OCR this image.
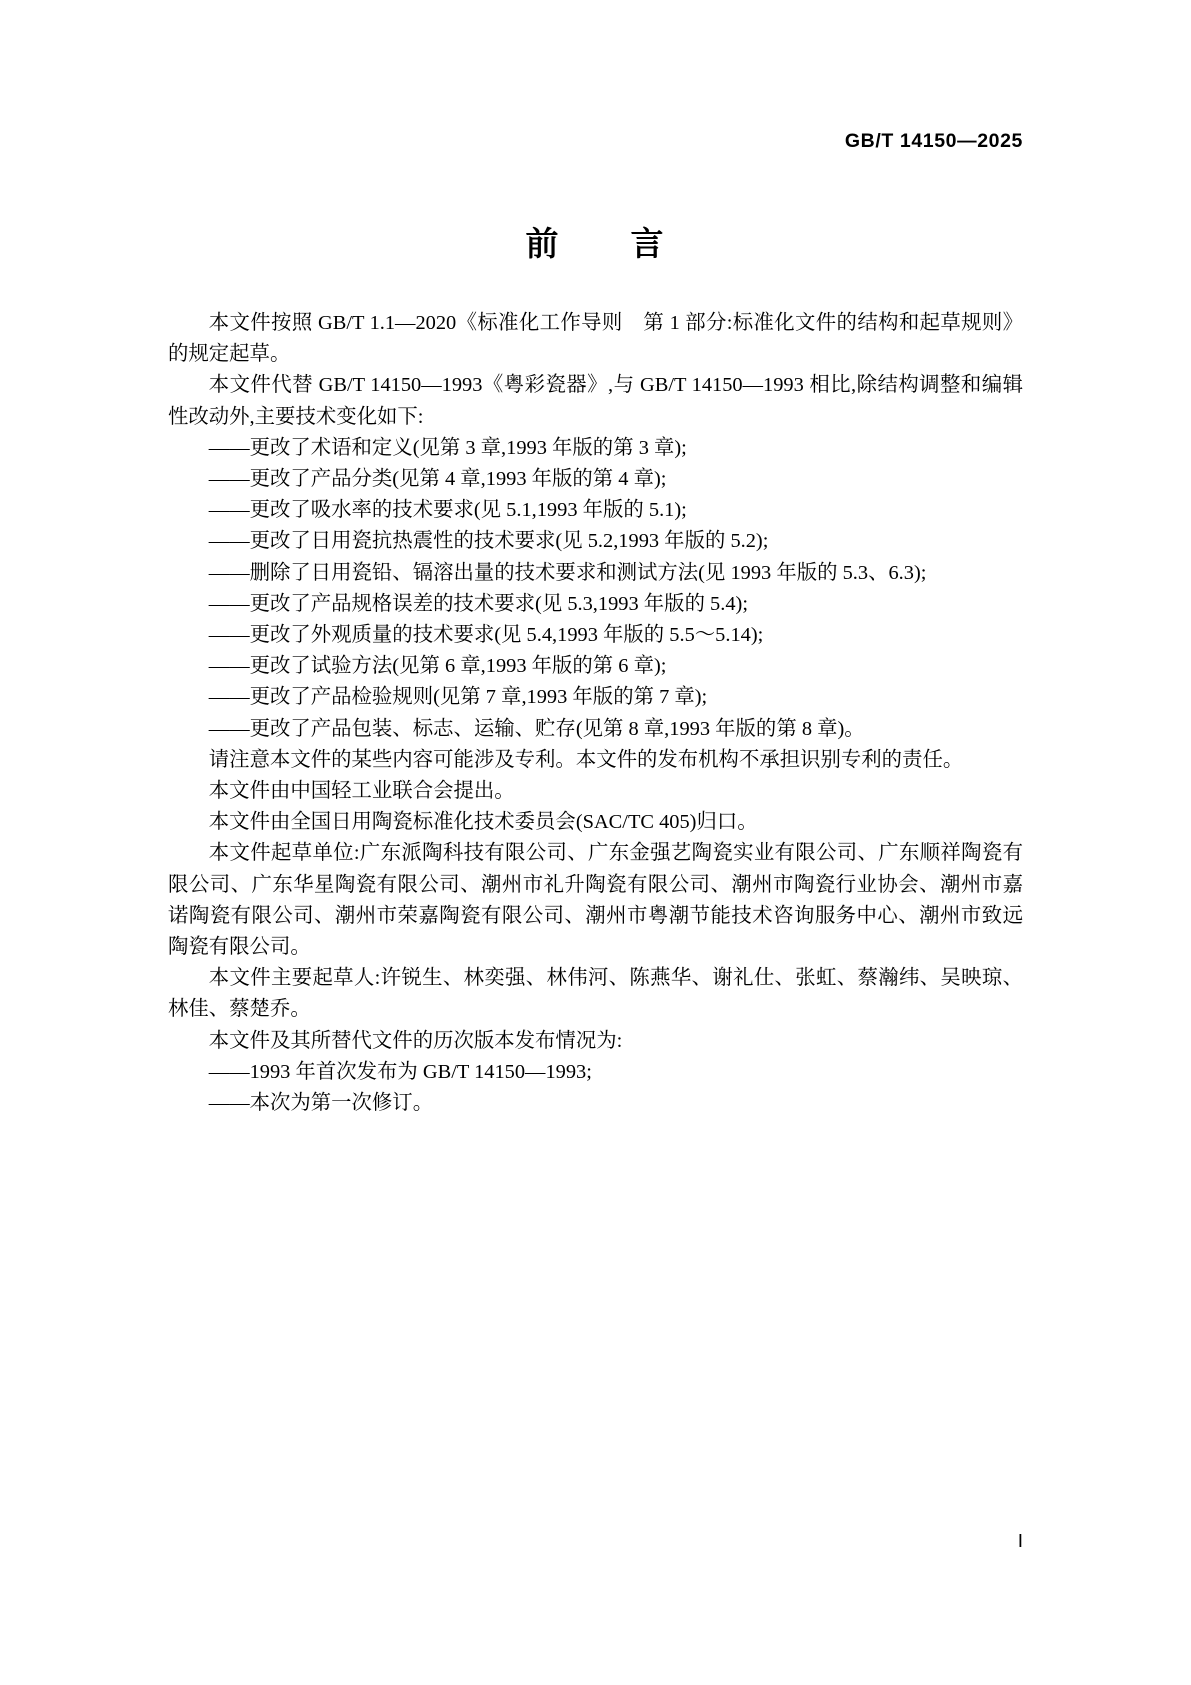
GB/T 14150—2025
前　　言

本文件按照 GB/T 1.1—2020《标准化工作导则　第 1 部分:标准化文件的结构和起草规则》的规定起草。

本文件代替 GB/T 14150—1993《粤彩瓷器》,与 GB/T 14150—1993 相比,除结构调整和编辑性改动外,主要技术变化如下:

——更改了术语和定义(见第 3 章,1993 年版的第 3 章);
——更改了产品分类(见第 4 章,1993 年版的第 4 章);
——更改了吸水率的技术要求(见 5.1,1993 年版的 5.1);
——更改了日用瓷抗热震性的技术要求(见 5.2,1993 年版的 5.2);
——删除了日用瓷铅、镉溶出量的技术要求和测试方法(见 1993 年版的 5.3、6.3);
——更改了产品规格误差的技术要求(见 5.3,1993 年版的 5.4);
——更改了外观质量的技术要求(见 5.4,1993 年版的 5.5～5.14);
——更改了试验方法(见第 6 章,1993 年版的第 6 章);
——更改了产品检验规则(见第 7 章,1993 年版的第 7 章);
——更改了产品包装、标志、运输、贮存(见第 8 章,1993 年版的第 8 章)。

请注意本文件的某些内容可能涉及专利。本文件的发布机构不承担识别专利的责任。

本文件由中国轻工业联合会提出。

本文件由全国日用陶瓷标准化技术委员会(SAC/TC 405)归口。

本文件起草单位:广东派陶科技有限公司、广东金强艺陶瓷实业有限公司、广东顺祥陶瓷有限公司、广东华星陶瓷有限公司、潮州市礼升陶瓷有限公司、潮州市陶瓷行业协会、潮州市嘉诺陶瓷有限公司、潮州市荣嘉陶瓷有限公司、潮州市粤潮节能技术咨询服务中心、潮州市致远陶瓷有限公司。

本文件主要起草人:许锐生、林奕强、林伟河、陈燕华、谢礼仕、张虹、蔡瀚纬、吴映琼、林佳、蔡楚乔。

本文件及其所替代文件的历次版本发布情况为:

——1993 年首次发布为 GB/T 14150—1993;
——本次为第一次修订。
Ⅰ
